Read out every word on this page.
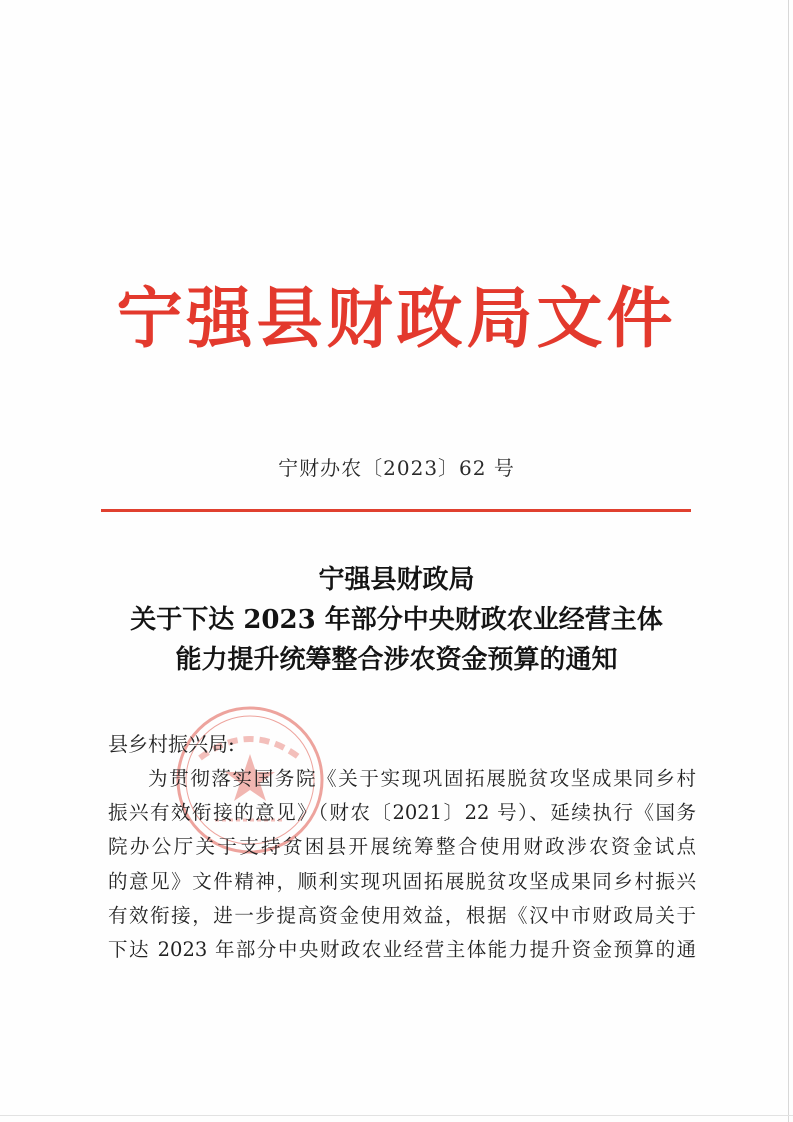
宁强县财政局文件
宁财办农〔2023〕62 号
宁强县财政局
关于下达 2023 年部分中央财政农业经营主体
能力提升统筹整合涉农资金预算的通知
县乡村振兴局:
为贯彻落实国务院《关于实现巩固拓展脱贫攻坚成果同乡村
振兴有效衔接的意见》（财农〔2021〕22 号）、延续执行《国务
院办公厅关于支持贫困县开展统筹整合使用财政涉农资金试点
的意见》文件精神，顺利实现巩固拓展脱贫攻坚成果同乡村振兴
有效衔接，进一步提高资金使用效益，根据《汉中市财政局关于
下达 2023 年部分中央财政农业经营主体能力提升资金预算的通
